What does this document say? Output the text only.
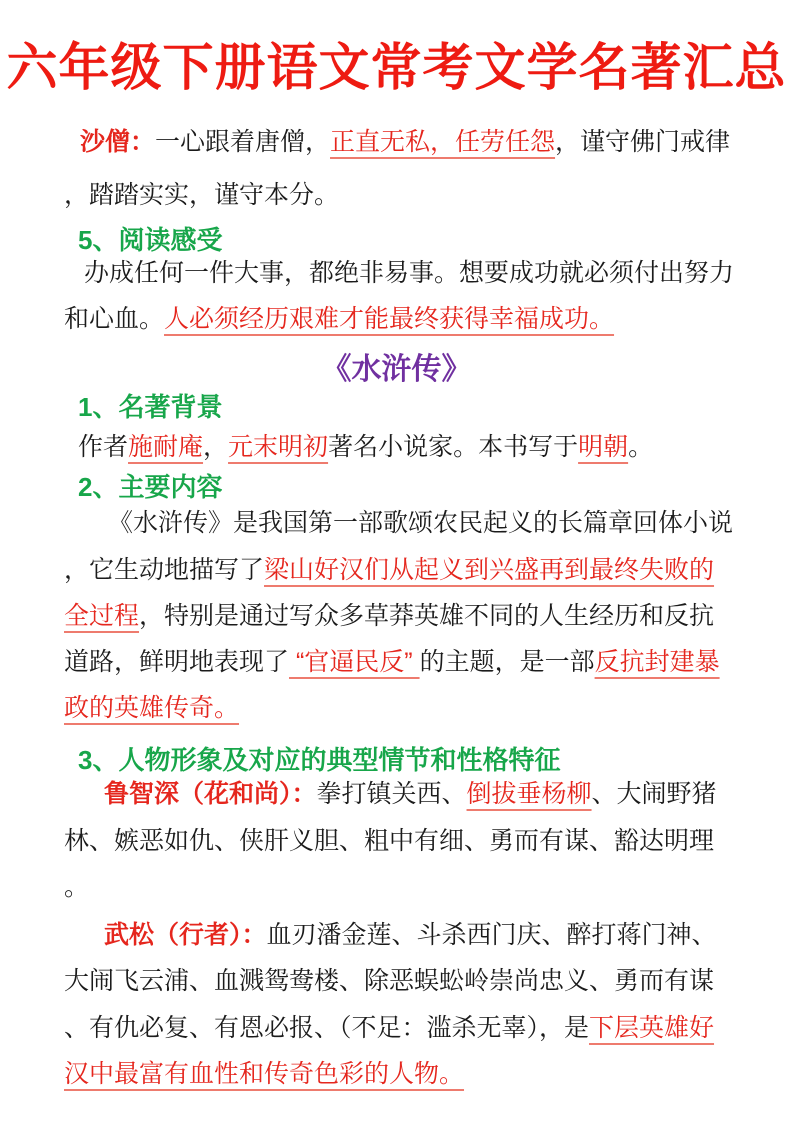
六年级下册语文常考文学名著汇总

沙僧：一心跟着唐僧，正直无私，任劳任怨，谨守佛门戒律，踏踏实实，谨守本分。

5、阅读感受

办成任何一件大事，都绝非易事。想要成功就必须付出努力和心血。人必须经历艰难才能最终获得幸福成功。

《水浒传》
1、名著背景

作者施耐庵，元末明初著名小说家。本书写于明朝。

2、主要内容

《水浒传》是我国第一部歌颂农民起义的长篇章回体小说，它生动地描写了梁山好汉们从起义到兴盛再到最终失败的全过程，特别是通过写众多草莽英雄不同的人生经历和反抗道路，鲜明地表现了 “官逼民反” 的主题，是一部反抗封建暴政的英雄传奇。

3、人物形象及对应的典型情节和性格特征

鲁智深（花和尚）：拳打镇关西、倒拔垂杨柳、大闹野猪林、嫉恶如仇、侠肝义胆、粗中有细、勇而有谋、豁达明理。

武松（行者）：血刃潘金莲、斗杀西门庆、醉打蒋门神、大闹飞云浦、血溅鸳鸯楼、除恶蜈蚣岭崇尚忠义、勇而有谋、有仇必复、有恩必报、（不足：滥杀无辜），是下层英雄好汉中最富有血性和传奇色彩的人物。
